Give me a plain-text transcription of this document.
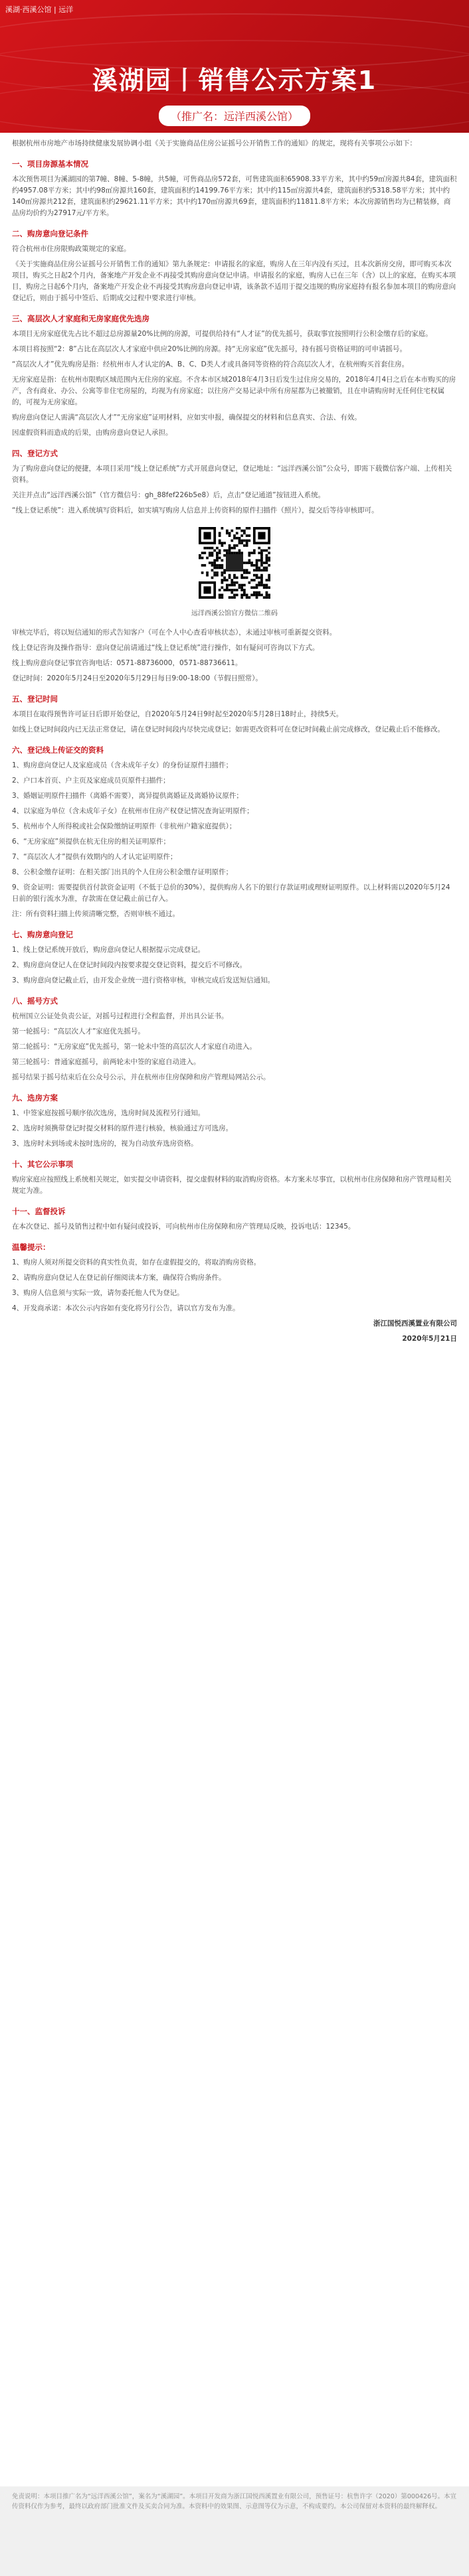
溪湖·西溪公馆 | 远洋
溪湖园丨销售公示方案1
（推广名：远洋西溪公馆）

根据杭州市房地产市场持续健康发展协调小组《关于实施商品住房公证摇号公开销售工作的通知》的规定，现将有关事项公示如下：

一、项目房源基本情况

本次预售项目为溪湖园的第7幢、8幢、5-8幢，共5幢，可售商品房572套，可售建筑面积65908.33平方米，其中约59㎡房源共84套，建筑面积约4957.08平方米；其中约98㎡房源共160套，建筑面积约14199.76平方米；其中约115㎡房源共4套，建筑面积约5318.58平方米；其中约140㎡房源共212套，建筑面积约29621.11平方米；其中约170㎡房源共69套，建筑面积约11811.8平方米；本次房源销售均为已精装修，商品房均价约为27917元/平方米。

二、购房意向登记条件

符合杭州市住房限购政策规定的家庭。

《关于实施商品住房公证摇号公开销售工作的通知》第九条规定：申请报名的家庭，购房人在三年内没有买过，且本次新房交房，即可购买本次项目，购买之日起2个月内，备案地产开发企业不再接受其购房意向登记申请。申请报名的家庭，购房人已在三年（含）以上的家庭，在购买本项目，购房之日起6个月内，备案地产开发企业不再接受其购房意向登记申请，该条款不适用于提交违规的购房家庭持有报名参加本项目的购房意向登记后，则由于摇号中签后、后期成交过程中要求进行审核。

三、高层次人才家庭和无房家庭优先选房

本项目无房家庭优先占比不超过总房源量20%比例的房源，可提供给持有“人才证”的优先摇号，获取事宜按照明行公积金缴存后的家庭。

本项目将按照“2：8”占比在高层次人才家庭中供应20%比例的房源。持“无房家庭”优先摇号，持有摇号资格证明的可申请摇号。

“高层次人才”优先购房是指：经杭州市人才认定的A、B、C、D类人才或具备同等资格的符合高层次人才，在杭州购买首套住房。

无房家庭是指：在杭州市限购区域范围内无住房的家庭。不含本市区域2018年4月3日后发生过住房交易的，2018年4月4日之后在本市购买的房产，含有商业、办公、公寓等非住宅房屋的，均视为有房家庭；以往房产交易记录中所有房屋都为已被撤销，且在申请购房时无任何住宅权属的，可视为无房家庭。

购房意向登记人需满“高层次人才”“无房家庭”证明材料，应如实申报，确保提交的材料和信息真实、合法、有效。

因虚假资料而造成的后果，由购房意向登记人承担。

四、登记方式

为了购房意向登记的便捷，本项目采用“线上登记系统”方式开展意向登记，登记地址：“远洋西溪公馆”公众号，即需下载微信客户端、上传相关资料。

关注并点击“远洋西溪公馆”（官方微信号：gh_88fef226b5e8）后，点击“登记通道”按钮进入系统。

“线上登记系统”：进入系统填写资料后，如实填写购房人信息并上传资料的原件扫描件（照片），提交后等待审核即可。

远洋西溪公馆官方微信二维码

审核完毕后，将以短信通知的形式告知客户（可在个人中心查看审核状态），未通过审核可重新提交资料。

线上登记咨询及操作指导：意向登记前请通过“线上登记系统”进行操作，如有疑问可咨询以下方式。

线上购房意向登记事宜咨询电话：0571-88736000，0571-88736611。

登记时间：2020年5月24日至2020年5月29日每日9:00-18:00（节假日照常）。

五、登记时间

本项目在取得预售许可证日后即开始登记，自2020年5月24日9时起至2020年5月28日18时止，持续5天。

如线上登记时间段内已无法正常登记，请在登记时间段内尽快完成登记；如需更改资料可在登记时间截止前完成修改，登记截止后不能修改。

六、登记线上传证交的资料

1、购房意向登记人及家庭成员（含未成年子女）的身份证原件扫描件；

2、户口本首页、户主页及家庭成员页原件扫描件；

3、婚姻证明原件扫描件（离婚不需要），离异提供离婚证及离婚协议原件；

4、以家庭为单位（含未成年子女）在杭州市住房产权登记情况查询证明原件；

5、杭州市个人所得税或社会保险缴纳证明原件（非杭州户籍家庭提供）；

6、“无房家庭”须提供在杭无住房的相关证明原件；

7、“高层次人才”提供有效期内的人才认定证明原件；

8、公积金缴存证明：在相关部门出具的个人住房公积金缴存证明原件；

9、资金证明：需要提供首付款资金证明（不低于总价的30%），提供购房人名下的银行存款证明或理财证明原件。以上材料需以2020年5月24日前的银行流水为准，存款需在登记截止前已存入。

注：所有资料扫描上传须清晰完整，否则审核不通过。

七、购房意向登记

1、线上登记系统开放后，购房意向登记人根据提示完成登记。

2、购房意向登记人在登记时间段内按要求提交登记资料，提交后不可修改。

3、购房意向登记截止后，由开发企业统一进行资格审核，审核完成后发送短信通知。

八、摇号方式

杭州国立公证处负责公证，对摇号过程进行全程监督，并出具公证书。

第一轮摇号：“高层次人才”家庭优先摇号。

第二轮摇号：“无房家庭”优先摇号，第一轮未中签的高层次人才家庭自动进入。

第三轮摇号：普通家庭摇号，前两轮未中签的家庭自动进入。

摇号结果于摇号结束后在公众号公示，并在杭州市住房保障和房产管理局网站公示。

九、选房方案

1、中签家庭按摇号顺序依次选房，选房时间及流程另行通知。

2、选房时须携带登记时提交材料的原件进行核验，核验通过方可选房。

3、选房时未到场或未按时选房的，视为自动放弃选房资格。

十、其它公示事项

购房家庭应按照线上系统相关规定，如实提交申请资料，提交虚假材料的取消购房资格。本方案未尽事宜，以杭州市住房保障和房产管理局相关规定为准。

十一、监督投诉

在本次登记、摇号及销售过程中如有疑问或投诉，可向杭州市住房保障和房产管理局反映，投诉电话：12345。

温馨提示：

1、购房人须对所提交资料的真实性负责，如存在虚假提交的，将取消购房资格。

2、请购房意向登记人在登记前仔细阅读本方案，确保符合购房条件。

3、购房人信息须与实际一致，请勿委托他人代为登记。

4、开发商承诺：本次公示内容如有变化将另行公告，请以官方发布为准。

浙江国悦西溪置业有限公司

2020年5月21日

免责说明：本项目推广名为“远洋西溪公馆”，案名为“溪湖园”。本项目开发商为浙江国悦西溪置业有限公司，预售证号：杭售许字（2020）第000426号。本宣传资料仅作为参考，最终以政府部门批准文件及买卖合同为准。本资料中的效果图、示意图等仅为示意，不构成要约。本公司保留对本资料的最终解释权。
